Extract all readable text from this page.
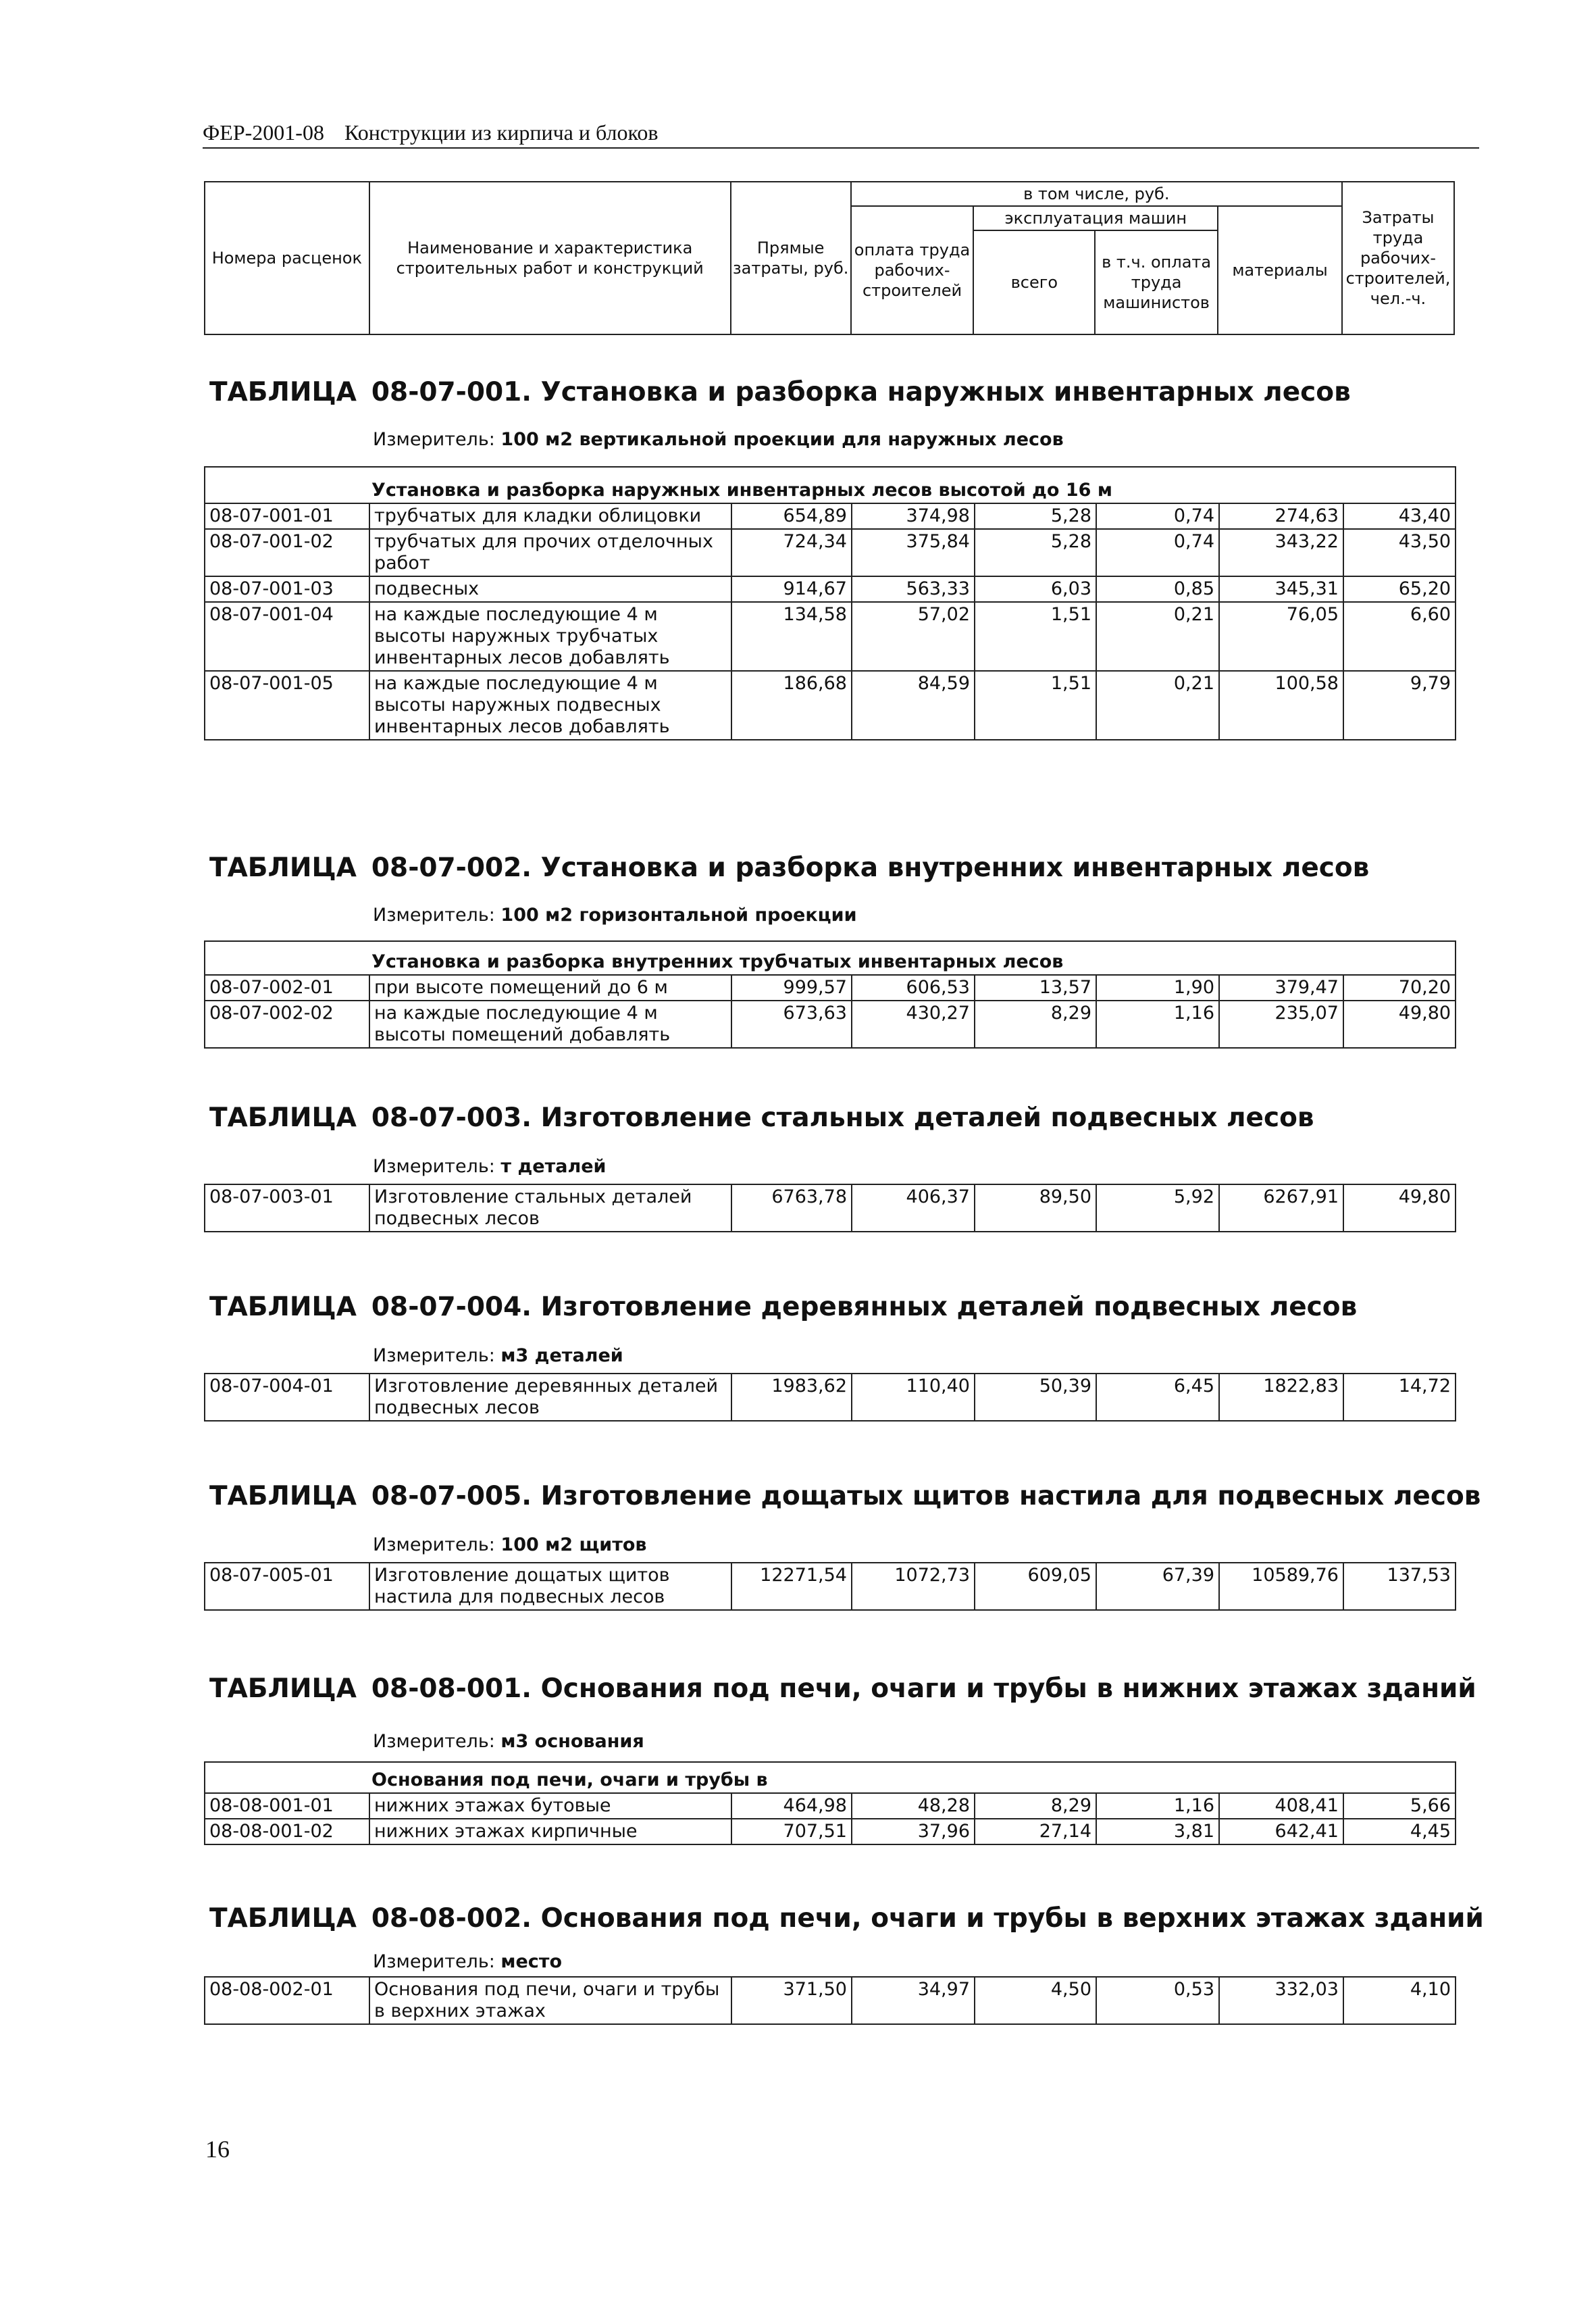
ФЕР-2001-08 Конструкции из кирпича и блоков
Номера расценок	Наименование и характеристика строительных работ и конструкций	Прямые затраты, руб.	в том числе, руб.				Затраты труда рабочих-строителей, чел.-ч.
			оплата труда рабочих-строителей	эксплуатация машин		материалы	
				всего	в т.ч. оплата труда машинистов		
ТАБЛИЦА 08-07-001. Установка и разборка наружных инвентарных лесов
Измеритель: 100 м2 вертикальной проекции для наружных лесов
Установка и разборка наружных инвентарных лесов высотой до 16 м							
08-07-001-01	трубчатых для кладки облицовки	654,89	374,98	5,28	0,74	274,63	43,40
08-07-001-02	трубчатых для прочих отделочных работ	724,34	375,84	5,28	0,74	343,22	43,50
08-07-001-03	подвесных	914,67	563,33	6,03	0,85	345,31	65,20
08-07-001-04	на каждые последующие 4 м высоты наружных трубчатых инвентарных лесов добавлять	134,58	57,02	1,51	0,21	76,05	6,60
08-07-001-05	на каждые последующие 4 м высоты наружных подвесных инвентарных лесов добавлять	186,68	84,59	1,51	0,21	100,58	9,79
ТАБЛИЦА 08-07-002. Установка и разборка внутренних инвентарных лесов
Измеритель: 100 м2 горизонтальной проекции
Установка и разборка внутренних трубчатых инвентарных лесов							
08-07-002-01	при высоте помещений до 6 м	999,57	606,53	13,57	1,90	379,47	70,20
08-07-002-02	на каждые последующие 4 м высоты помещений добавлять	673,63	430,27	8,29	1,16	235,07	49,80
ТАБЛИЦА 08-07-003. Изготовление стальных деталей подвесных лесов
Измеритель: т деталей
08-07-003-01	Изготовление стальных деталей подвесных лесов	6763,78	406,37	89,50	5,92	6267,91	49,80
ТАБЛИЦА 08-07-004. Изготовление деревянных деталей подвесных лесов
Измеритель: м3 деталей
08-07-004-01	Изготовление деревянных деталей подвесных лесов	1983,62	110,40	50,39	6,45	1822,83	14,72
ТАБЛИЦА 08-07-005. Изготовление дощатых щитов настила для подвесных лесов
Измеритель: 100 м2 щитов
08-07-005-01	Изготовление дощатых щитов настила для подвесных лесов	12271,54	1072,73	609,05	67,39	10589,76	137,53
ТАБЛИЦА 08-08-001. Основания под печи, очаги и трубы в нижних этажах зданий
Измеритель: м3 основания
Основания под печи, очаги и трубы в							
08-08-001-01	нижних этажах бутовые	464,98	48,28	8,29	1,16	408,41	5,66
08-08-001-02	нижних этажах кирпичные	707,51	37,96	27,14	3,81	642,41	4,45
ТАБЛИЦА 08-08-002. Основания под печи, очаги и трубы в верхних этажах зданий
Измеритель: место
08-08-002-01	Основания под печи, очаги и трубы в верхних этажах	371,50	34,97	4,50	0,53	332,03	4,10
16
